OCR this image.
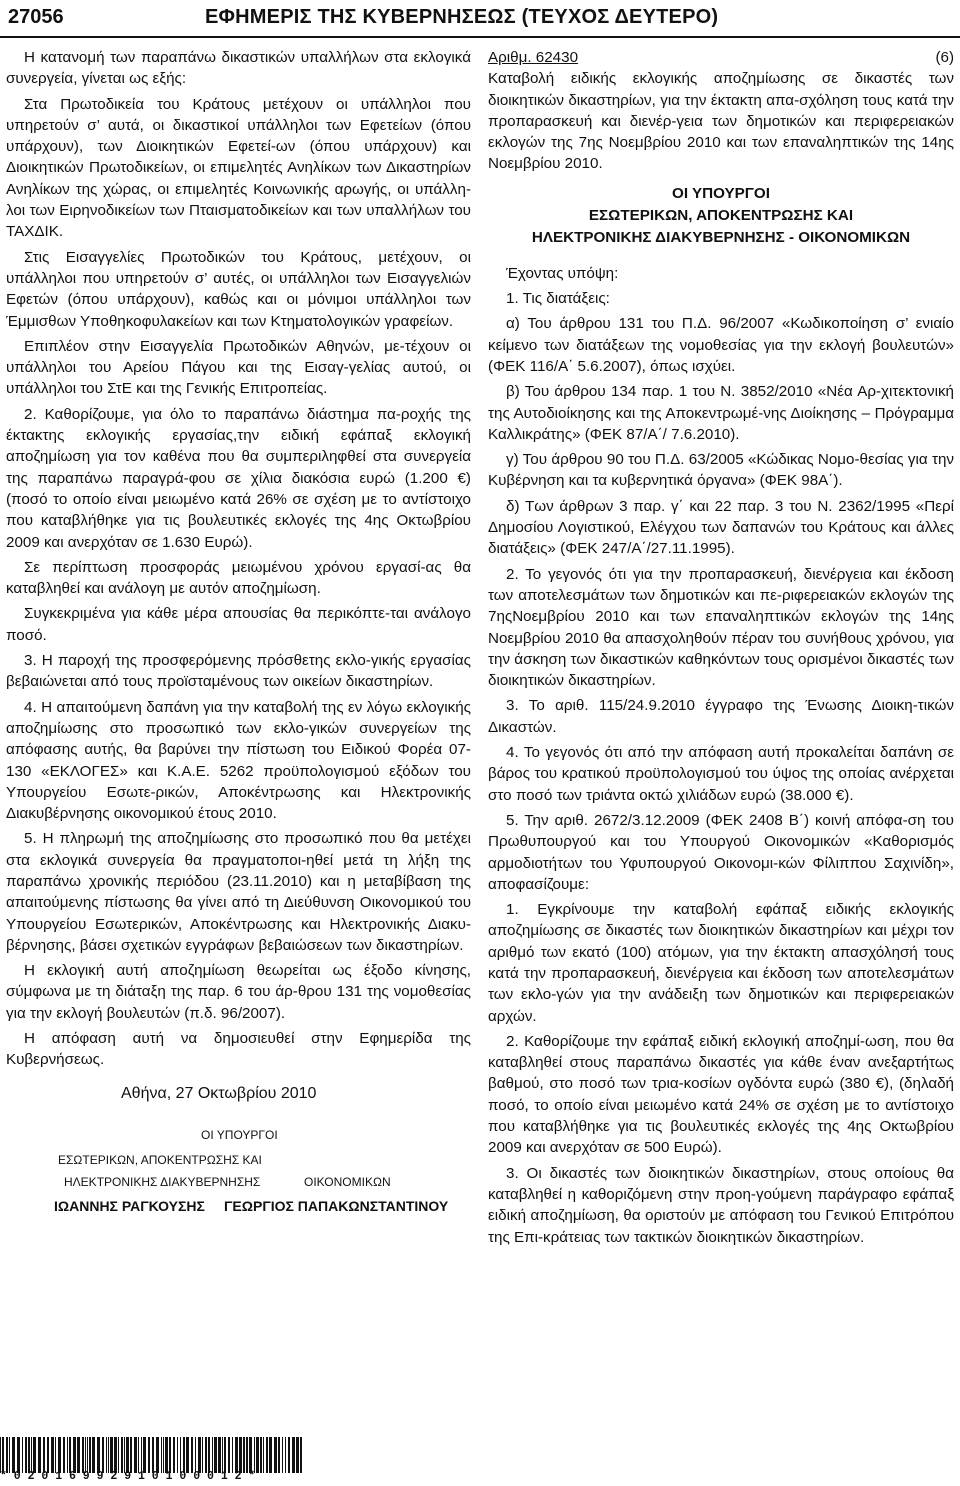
27056	ΕΦΗΜΕΡΙΣ ΤΗΣ ΚΥΒΕΡΝΗΣΕΩΣ (ΤΕΥΧΟΣ ΔΕΥΤΕΡΟ)

Η κατανομή των παραπάνω δικαστικών υπαλλήλων στα εκλογικά συνεργεία, γίνεται ως εξής:

Στα Πρωτοδικεία του Κράτους μετέχουν οι υπάλληλοι που υπηρετούν σ’ αυτά, οι δικαστικοί υπάλληλοι των Εφετείων (όπου υπάρχουν), των Διοικητικών Εφετεί-ων (όπου υπάρχουν) και Διοικητικών Πρωτοδικείων, οι επιμελητές Ανηλίκων των Δικαστηρίων Ανηλίκων της χώρας, οι επιμελητές Κοινωνικής αρωγής, οι υπάλλη-λοι των Ειρηνοδικείων των Πταισματοδικείων και των υπαλλήλων του ΤΑΧΔΙΚ.

Στις Εισαγγελίες Πρωτοδικών του Κράτους, μετέχουν, οι υπάλληλοι που υπηρετούν σ’ αυτές, οι υπάλληλοι των Εισαγγελιών Εφετών (όπου υπάρχουν), καθώς και οι μόνιμοι υπάλληλοι των Έμμισθων Υποθηκοφυλακείων και των Κτηματολογικών γραφείων.

Επιπλέον στην Εισαγγελία Πρωτοδικών Αθηνών, με-τέχουν οι υπάλληλοι του Αρείου Πάγου και της Εισαγ-γελίας αυτού, οι υπάλληλοι του ΣτΕ και της Γενικής Επιτροπείας.

2. Καθορίζουμε, για όλο το παραπάνω διάστημα πα-ροχής της έκτακτης εκλογικής εργασίας,την ειδική εφάπαξ εκλογική αποζημίωση για τον καθένα που θα συμπεριληφθεί στα συνεργεία της παραπάνω παραγρά-φου σε χίλια διακόσια ευρώ (1.200 €) (ποσό το οποίο είναι μειωμένο κατά 26% σε σχέση με το αντίστοιχο που καταβλήθηκε για τις βουλευτικές εκλογές της 4ης Οκτωβρίου 2009 και ανερχόταν σε 1.630 Ευρώ).

Σε περίπτωση προσφοράς μειωμένου χρόνου εργασί-ας θα καταβληθεί και ανάλογη με αυτόν αποζημίωση.

Συγκεκριμένα για κάθε μέρα απουσίας θα περικόπτε-ται ανάλογο ποσό.

3. Η παροχή της προσφερόμενης πρόσθετης εκλο-γικής εργασίας βεβαιώνεται από τους προϊσταμένους των οικείων δικαστηρίων.

4. Η απαιτούμενη δαπάνη για την καταβολή της εν λόγω εκλογικής αποζημίωσης στο προσωπικό των εκλο-γικών συνεργείων της απόφασης αυτής, θα βαρύνει την πίστωση του Ειδικού Φορέα 07-130 «ΕΚΛΟΓΕΣ» και Κ.Α.Ε. 5262 προϋπολογισμού εξόδων του Υπουργείου Εσωτε-ρικών, Αποκέντρωσης και Ηλεκτρονικής Διακυβέρνησης οικονομικού έτους 2010.

5. Η πληρωμή της αποζημίωσης στο προσωπικό που θα μετέχει στα εκλογικά συνεργεία θα πραγματοποι-ηθεί μετά τη λήξη της παραπάνω χρονικής περιόδου (23.11.2010) και η μεταβίβαση της απαιτούμενης πίστωσης θα γίνει από τη Διεύθυνση Οικονομικού του Υπουργείου Εσωτερικών, Αποκέντρωσης και Ηλεκτρονικής Διακυ-βέρνησης, βάσει σχετικών εγγράφων βεβαιώσεων των δικαστηρίων.

Η εκλογική αυτή αποζημίωση θεωρείται ως έξοδο κίνησης, σύμφωνα με τη διάταξη της παρ. 6 του άρ-θρου 131 της νομοθεσίας για την εκλογή βουλευτών (π.δ. 96/2007).

Η απόφαση αυτή να δημοσιευθεί στην Εφημερίδα της Κυβερνήσεως.

Αθήνα, 27 Οκτωβρίου 2010
ΟΙ ΥΠΟΥΡΓΟΙ
ΕΣΩΤΕΡΙΚΩΝ, ΑΠΟΚΕΝΤΡΩΣΗΣ ΚΑΙ
ΗΛΕΚΤΡΟΝΙΚΗΣ ΔΙΑΚΥΒΕΡΝΗΣΗΣ	ΟΙΚΟΝΟΜΙΚΩΝ
ΙΩΑΝΝΗΣ ΡΑΓΚΟΥΣΗΣ ΓΕΩΡΓΙΟΣ ΠΑΠΑΚΩΝΣΤΑΝΤΙΝΟΥ
*02016992910100012*
Αριθμ. 62430	(6)

Καταβολή ειδικής εκλογικής αποζημίωσης σε δικαστές των διοικητικών δικαστηρίων, για την έκτακτη απα-σχόληση τους κατά την προπαρασκευή και διενέρ-γεια των δημοτικών και περιφερειακών εκλογών της 7ης Νοεμβρίου 2010 και των επαναληπτικών της 14ης Νοεμβρίου 2010.

ΟΙ ΥΠΟΥΡΓΟΙ
ΕΣΩΤΕΡΙΚΩΝ, ΑΠΟΚΕΝΤΡΩΣΗΣ ΚΑΙ
ΗΛΕΚΤΡΟΝΙΚΗΣ ΔΙΑΚΥΒΕΡΝΗΣΗΣ - ΟΙΚΟΝΟΜΙΚΩΝ

Έχοντας υπόψη:

1. Τις διατάξεις:

α) Του άρθρου 131 του Π.Δ. 96/2007 «Κωδικοποίηση σ’ ενιαίο κείμενο των διατάξεων της νομοθεσίας για την εκλογή βουλευτών» (ΦΕΚ 116/Α΄ 5.6.2007), όπως ισχύει.

β) Του άρθρου 134 παρ. 1 του Ν. 3852/2010 «Νέα Αρ-χιτεκτονική της Αυτοδιοίκησης και της Αποκεντρωμέ-νης Διοίκησης – Πρόγραμμα Καλλικράτης» (ΦΕΚ 87/Α΄/ 7.6.2010).

γ) Του άρθρου 90 του Π.Δ. 63/2005 «Κώδικας Νομο-θεσίας για την Κυβέρνηση και τα κυβερνητικά όργανα» (ΦΕΚ 98Α΄).

δ) Των άρθρων 3 παρ. γ΄ και 22 παρ. 3 του Ν. 2362/1995 «Περί Δημοσίου Λογιστικού, Ελέγχου των δαπανών του Κράτους και άλλες διατάξεις» (ΦΕΚ 247/Α΄/27.11.1995).

2. Το γεγονός ότι για την προπαρασκευή, διενέργεια και έκδοση των αποτελεσμάτων των δημοτικών και πε-ριφερειακών εκλογών της 7ηςΝοεμβρίου 2010 και των επαναληπτικών εκλογών της 14ης Νοεμβρίου 2010 θα απασχοληθούν πέραν του συνήθους χρόνου, για την άσκηση των δικαστικών καθηκόντων τους ορισμένοι δικαστές των διοικητικών δικαστηρίων.

3. Το αριθ. 115/24.9.2010 έγγραφο της Ένωσης Διοικη-τικών Δικαστών.

4. Το γεγονός ότι από την απόφαση αυτή προκαλείται δαπάνη σε βάρος του κρατικού προϋπολογισμού του ύψος της οποίας ανέρχεται στο ποσό των τριάντα οκτώ χιλιάδων ευρώ (38.000 €).

5. Την αριθ. 2672/3.12.2009 (ΦΕΚ 2408 Β΄) κοινή απόφα-ση του Πρωθυπουργού και του Υπουργού Οικονομικών «Καθορισμός αρμοδιοτήτων του Υφυπουργού Οικονομι-κών Φίλιππου Σαχινίδη», αποφασίζουμε:

1. Εγκρίνουμε την καταβολή εφάπαξ ειδικής εκλογικής αποζημίωσης σε δικαστές των διοικητικών δικαστηρίων και μέχρι τον αριθμό των εκατό (100) ατόμων, για την έκτακτη απασχόλησή τους κατά την προπαρασκευή, διενέργεια και έκδοση των αποτελεσμάτων των εκλο-γών για την ανάδειξη των δημοτικών και περιφερειακών αρχών.

2. Καθορίζουμε την εφάπαξ ειδική εκλογική αποζημί-ωση, που θα καταβληθεί στους παραπάνω δικαστές για κάθε έναν ανεξαρτήτως βαθμού, στο ποσό των τρια-κοσίων ογδόντα ευρώ (380 €), (δηλαδή ποσό, το οποίο είναι μειωμένο κατά 24% σε σχέση με το αντίστοιχο που καταβλήθηκε για τις βουλευτικές εκλογές της 4ης Οκτωβρίου 2009 και ανερχόταν σε 500 Ευρώ).

3. Οι δικαστές των διοικητικών δικαστηρίων, στους οποίους θα καταβληθεί η καθοριζόμενη στην προη-γούμενη παράγραφο εφάπαξ ειδική αποζημίωση, θα οριστούν με απόφαση του Γενικού Επιτρόπου της Επι-κράτειας των τακτικών διοικητικών δικαστηρίων.
